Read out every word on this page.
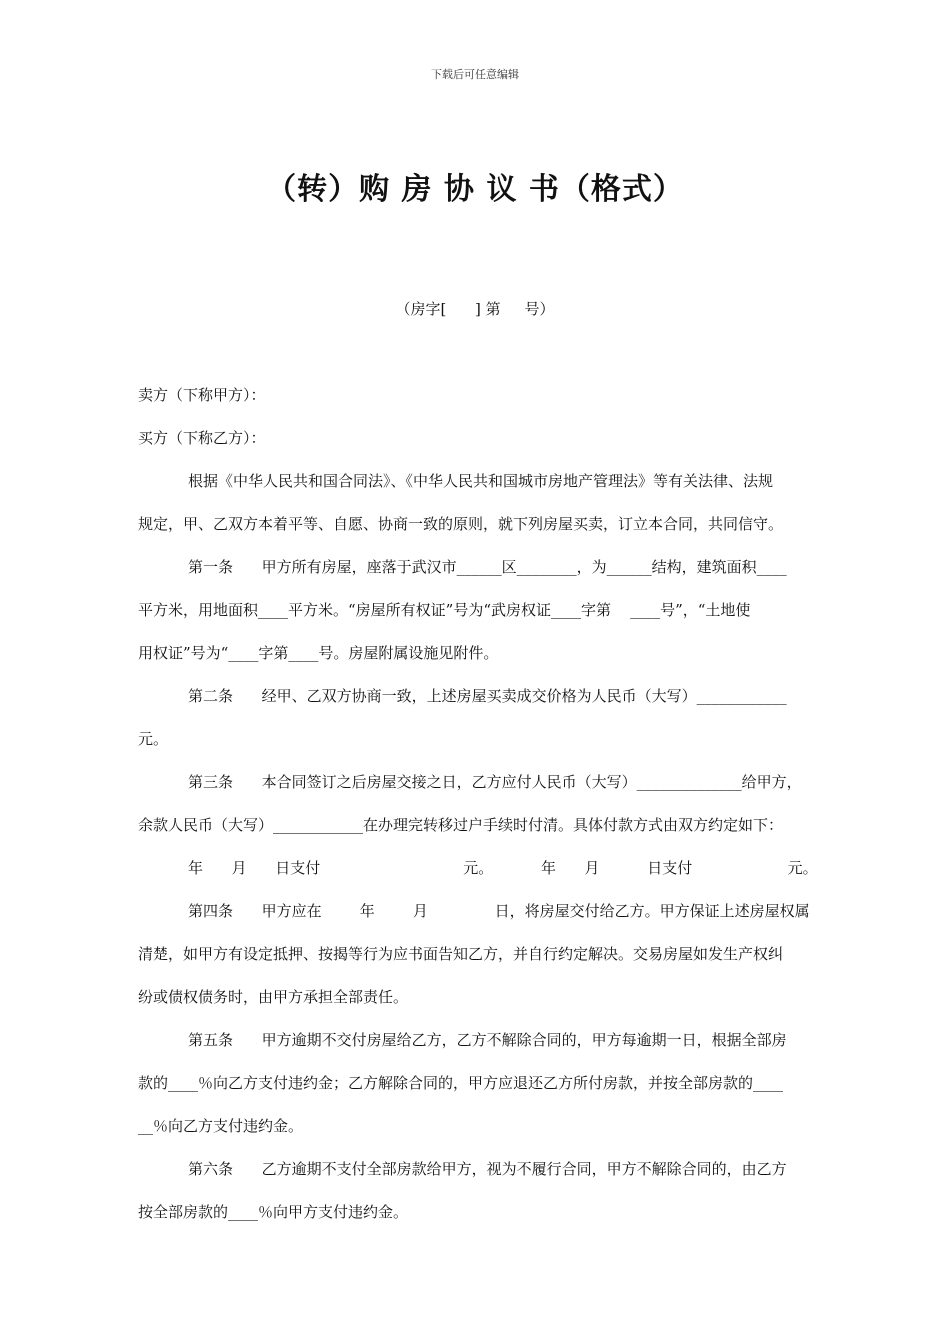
下载后可任意编辑
（转）购 房 协 议 书（格式）
（房字[      ] 第     号）
卖方（下称甲方）：
买方（下称乙方）：
根据《中华人民共和国合同法》、《中华人民共和国城市房地产管理法》等有关法律、法规
规定，甲、乙双方本着平等、自愿、协商一致的原则，就下列房屋买卖，订立本合同，共同信守。
第一条      甲方所有房屋，座落于武汉市______区________，为______结构，建筑面积____
平方米，用地面积____平方米。“房屋所有权证”号为“武房权证____字第    ____号”，“土地使
用权证”号为“____字第____号。房屋附属设施见附件。
第二条      经甲、乙双方协商一致，上述房屋买卖成交价格为人民币（大写）____________
元。
第三条      本合同签订之后房屋交接之日，乙方应付人民币（大写）______________给甲方，
余款人民币（大写）____________在办理完转移过户手续时付清。具体付款方式由双方约定如下：
年      月      日支付                              元。          年      月          日支付                    元。
第四条      甲方应在        年        月              日，将房屋交付给乙方。甲方保证上述房屋权属
清楚，如甲方有设定抵押、按揭等行为应书面告知乙方，并自行约定解决。交易房屋如发生产权纠
纷或债权债务时，由甲方承担全部责任。
第五条      甲方逾期不交付房屋给乙方，乙方不解除合同的，甲方每逾期一日，根据全部房
款的____％向乙方支付违约金；乙方解除合同的，甲方应退还乙方所付房款，并按全部房款的____
__％向乙方支付违约金。
第六条      乙方逾期不支付全部房款给甲方，视为不履行合同，甲方不解除合同的，由乙方
按全部房款的____％向甲方支付违约金。
